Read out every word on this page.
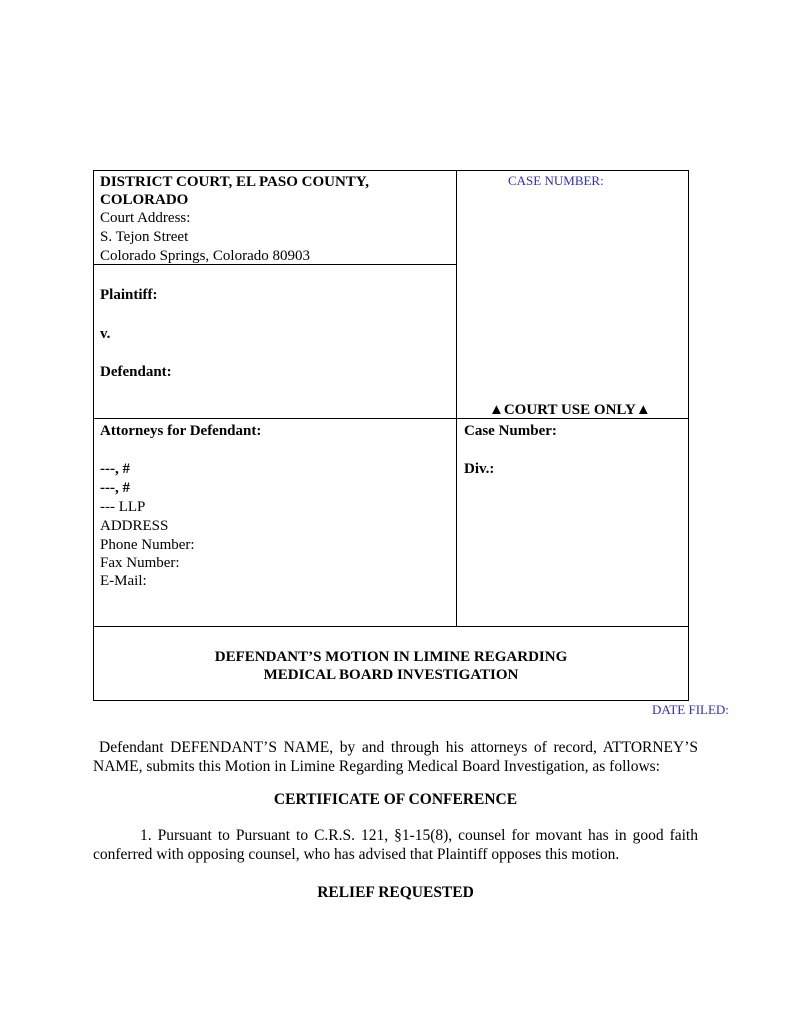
DISTRICT COURT, EL PASO COUNTY,
COLORADO
Court Address:
S. Tejon Street
Colorado Springs, Colorado 80903
CASE NUMBER:
Plaintiff:
v.
Defendant:
▲COURT USE ONLY▲
Attorneys for Defendant:
---, #
---, #
--- LLP
ADDRESS
Phone Number:
Fax Number:
E-Mail:
Case Number:
Div.:
DEFENDANT’S MOTION IN LIMINE REGARDING
MEDICAL BOARD INVESTIGATION
DATE FILED:
Defendant DEFENDANT’S NAME, by and through his attorneys of record, ATTORNEY’S NAME, submits this Motion in Limine Regarding Medical Board Investigation, as follows:
CERTIFICATE OF CONFERENCE
1. Pursuant to Pursuant to C.R.S. 121, §1-15(8), counsel for movant has in good faith conferred with opposing counsel, who has advised that Plaintiff opposes this motion.
RELIEF REQUESTED
